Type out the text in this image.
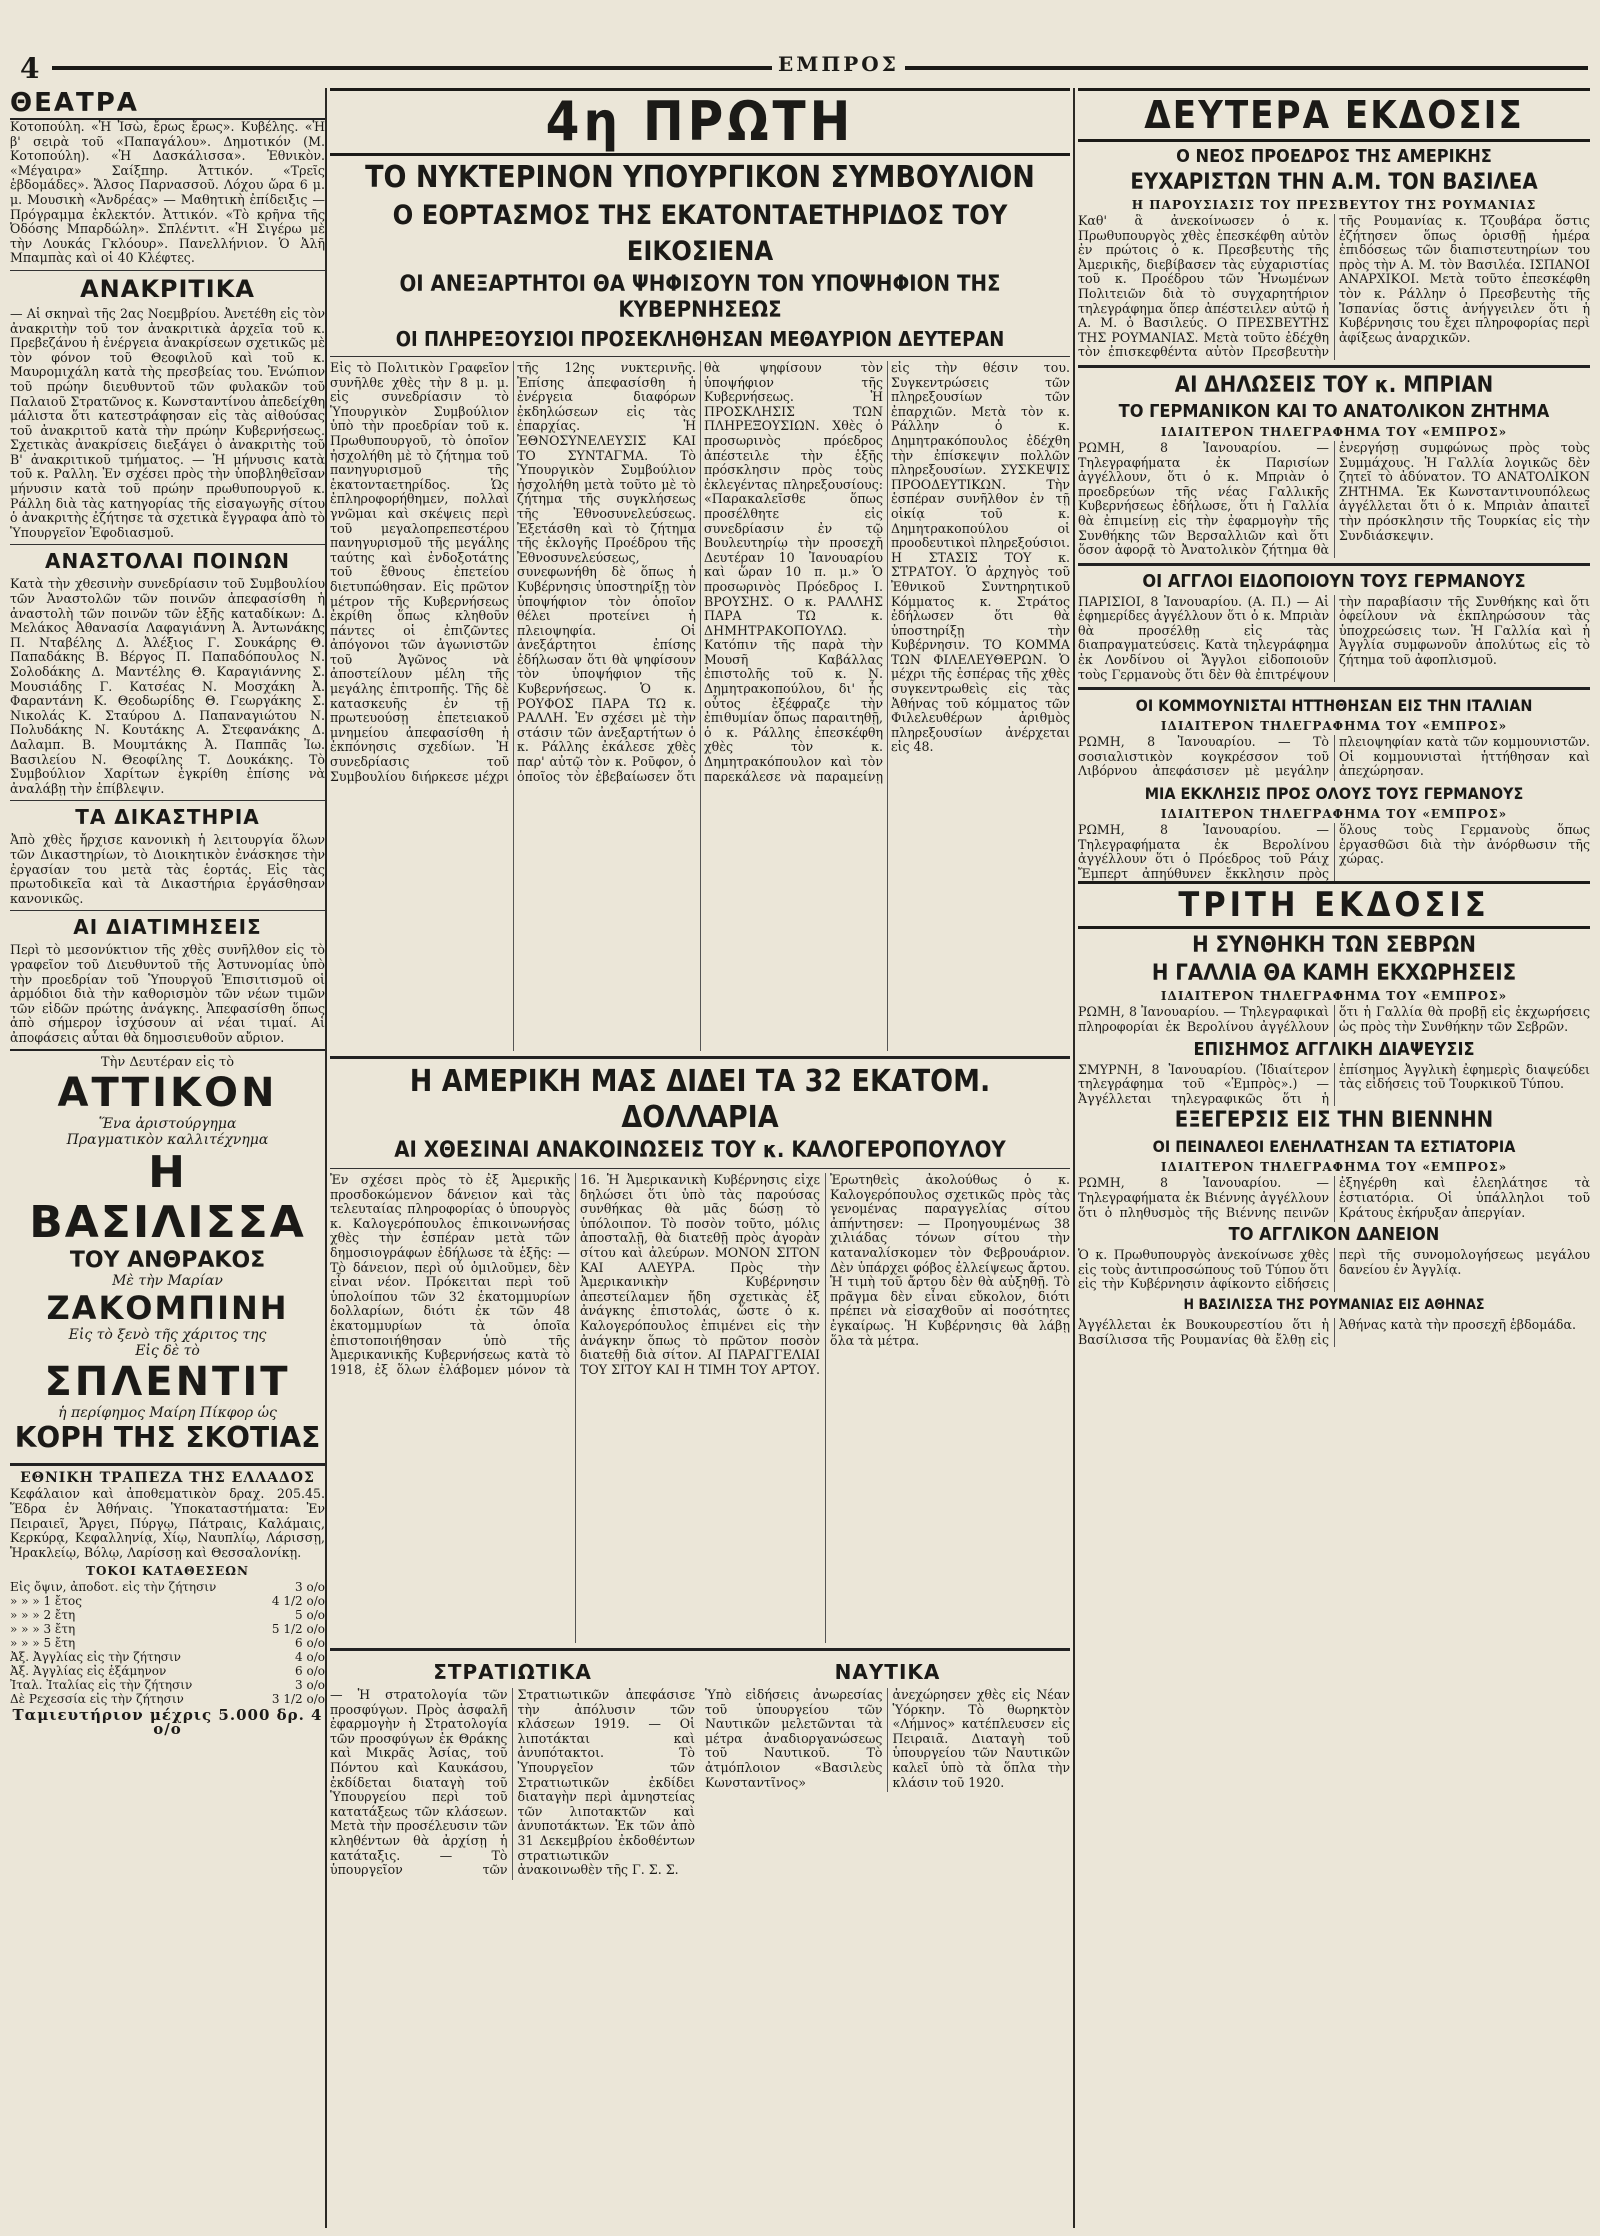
4	ΕΜΠΡΟΣ
ΘΕΑΤΡΑ

Κοτοπούλη. «Ἡ Ἰσὼ, ἔρως ἔρως». Κυβέλης. «Ἡ β' σειρὰ τοῦ «Παπαγάλου». Δημοτικόν (Μ. Κοτοπούλη). «Ἡ Δασκάλισσα». Ἐθνικὸν. «Μέγαιρα» Σαίξπηρ. Ἀττικόν. «Τρεῖς ἑβδομάδες». Ἄλσος Παρνασσοῦ. Λόχου ὥρα 6 μ. μ. Μουσικὴ «Ἀνδρέας» — Μαθητικὴ ἐπίδειξις — Πρόγραμμα ἐκλεκτόν. Ἀττικόν. «Τὸ κρῆνα τῆς Ὀδόσης Μπαρδώλη». Σπλέντιτ. «Ἡ Σιγέρω μὲ τὴν Λουκάς Γκλόουρ». Πανελλήνιον. Ὁ Ἀλῆ Μπαμπὰς καὶ οἱ 40 Κλέφτες.

ΑΝΑΚΡΙΤΙΚΑ

— Αἱ σκηναὶ τῆς 2ας Νοεμβρίου. Ἀνετέθη εἰς τὸν ἀνακριτὴν τοῦ τον ἀνακριτικὰ ἀρχεῖα τοῦ κ. Πρεβεζάνου ἡ ἐνέργεια ἀνακρίσεων σχετικῶς μὲ τὸν φόνον τοῦ Θεοφιλοῦ καὶ τοῦ κ. Μαυρομιχάλη κατὰ τὴς πρεσβείας του. Ἐνώπιον τοῦ πρώην διευθυντοῦ τῶν φυλακῶν τοῦ Παλαιοῦ Στρατῶνος κ. Κωνσταντίνου ἀπεδείχθη μάλιστα ὅτι κατεστράφησαν εἰς τὰς αἰθούσας τοῦ ἀνακριτοῦ κατὰ τὴν πρώην Κυβερνήσεως. Σχετικὰς ἀνακρίσεις διεξάγει ὁ ἀνακριτὴς τοῦ Β' ἀνακριτικοῦ τμήματος. — Ἡ μήνυσις κατὰ τοῦ κ. Ραλλη. Ἐν σχέσει πρὸς τὴν ὑποβληθεῖσαν μήνυσιν κατὰ τοῦ πρώην πρωθυπουργοῦ κ. Ράλλη διὰ τὰς κατηγορίας τῆς εἰσαγωγῆς σίτου ὁ ἀνακριτὴς ἐζήτησε τὰ σχετικὰ ἔγγραφα ἀπὸ τὸ Ὑπουργεῖον Ἐφοδιασμοῦ.

ΑΝΑΣΤΟΛΑΙ ΠΟΙΝΩΝ

Κατὰ τὴν χθεσινὴν συνεδρίασιν τοῦ Συμβουλίου τῶν Ἀναστολῶν τῶν ποινῶν ἀπεφασίσθη ἡ ἀναστολὴ τῶν ποινῶν τῶν ἑξῆς καταδίκων: Δ. Μελάκος Ἀθανασία Λαφαγιάννη Ἀ. Ἀντωνάκης Π. Νταβέλης Δ. Ἀλέξιος Γ. Σουκάρης Θ. Παπαδάκης Β. Βέργος Π. Παπαδόπουλος Ν. Σολοδάκης Δ. Μαντέλης Θ. Καραγιάννης Σ. Μουσιάδης Γ. Κατσέας Ν. Μοσχάκη Ἀ. Φαραντάνη Κ. Θεοδωρίδης Θ. Γεωργάκης Σ. Νικολάς Κ. Σταύρου Δ. Παπαναγιώτου Ν. Πολυδάκης Ν. Κουτάκης Α. Στεφανάκης Δ. Δαλαμπ. Β. Μουμτάκης Ἀ. Παππᾶς Ἰω. Βασιλείου Ν. Θεοφίλης Τ. Δουκάκης. Τὸ Συμβούλιον Χαρίτων ἐγκρίθη ἐπίσης νὰ ἀναλάβῃ τὴν ἐπίβλεψιν.

ΤΑ ΔΙΚΑΣΤΗΡΙΑ

Ἀπὸ χθὲς ἤρχισε κανονικὴ ἡ λειτουργία ὅλων τῶν Δικαστηρίων, τὸ Διοικητικὸν ἐνάσκησε τὴν ἐργασίαν του μετὰ τὰς ἑορτάς. Εἰς τὰς πρωτοδικεῖα καὶ τὰ Δικαστήρια ἐργάσθησαν κανονικῶς.

ΑΙ ΔΙΑΤΙΜΗΣΕΙΣ

Περὶ τὸ μεσονύκτιον τῆς χθὲς συνῆλθον εἰς τὸ γραφεῖον τοῦ Διευθυντοῦ τῆς Ἀστυνομίας ὑπὸ τὴν προεδρίαν τοῦ Ὑπουργοῦ Ἐπισιτισμοῦ οἱ ἀρμόδιοι διὰ τὴν καθορισμὸν τῶν νέων τιμῶν τῶν εἰδῶν πρώτης ἀνάγκης. Ἀπεφασίσθη ὅπως ἀπὸ σήμερον ἰσχύσουν αἱ νέαι τιμαί. Αἱ ἀποφάσεις αὗται θὰ δημοσιευθοῦν αὔριον.

Τὴν Δευτέραν εἰς τὸ
ΑΤΤΙΚΟΝ
Ἕνα ἀριστούργημα
Πραγματικὸν καλλιτέχνημα
Η ΒΑΣΙΛΙΣΣΑ
ΤΟΥ ΑΝΘΡΑΚΟΣ
Μὲ τὴν Μαρίαν
ΖΑΚΟΜΠΙΝΗ
Εἰς τὸ ξενὸ τῆς χάριτος της
Εἰς δὲ τὸ
ΣΠΛΕΝΤΙΤ
ἡ περίφημος Μαίρη Πίκφορ ὡς
ΚΟΡΗ ΤΗΣ ΣΚΟΤΙΑΣ
ΕΘΝΙΚΗ ΤΡΑΠΕΖΑ ΤΗΣ ΕΛΛΑΔΟΣ

Κεφάλαιον καὶ ἀποθεματικὸν δραχ. 205.45. Ἕδρα ἐν Ἀθήναις. Ὑποκαταστήματα: Ἐν Πειραιεῖ, Ἄργει, Πύργῳ, Πάτραις, Καλάμαις, Κερκύρᾳ, Κεφαλληνίᾳ, Χίῳ, Ναυπλίῳ, Λάρισσῃ, Ἡρακλείῳ, Βόλῳ, Λαρίσσῃ καὶ Θεσσαλονίκῃ.

ΤΟΚΟΙ ΚΑΤΑΘΕΣΕΩΝ
Εἰς ὄψιν, ἀποδοτ. εἰς τὴν ζήτησιν	3 ο/ο
» » » 1 ἔτος	4 1/2 ο/ο
» » » 2 ἔτη	5 ο/ο
» » » 3 ἔτη	5 1/2 ο/ο
» » » 5 ἔτη	6 ο/ο
Ἀξ. Ἀγγλίας εἰς τὴν ζήτησιν	4 ο/ο
Ἀξ. Ἀγγλίας εἰς ἑξάμηνον	6 ο/ο
Ἰταλ. Ἰταλίας εἰς τὴν ζήτησιν	3 ο/ο
Δὲ Ρεχεσσία εἰς τὴν ζήτησιν	3 1/2 ο/ο
Ταμιευτήριον μέχρις 5.000 δρ. 4 ο/ο
4η ΠΡΩΤΗ
ΤΟ ΝΥΚΤΕΡΙΝΟΝ ΥΠΟΥΡΓΙΚΟΝ ΣΥΜΒΟΥΛΙΟΝ
Ο ΕΟΡΤΑΣΜΟΣ ΤΗΣ ΕΚΑΤΟΝΤΑΕΤΗΡΙΔΟΣ ΤΟΥ ΕΙΚΟΣΙΕΝΑ
ΟΙ ΑΝΕΞΑΡΤΗΤΟΙ ΘΑ ΨΗΦΙΣΟΥΝ ΤΟΝ ΥΠΟΨΗΦΙΟΝ ΤΗΣ ΚΥΒΕΡΝΗΣΕΩΣ
ΟΙ ΠΛΗΡΕΞΟΥΣΙΟΙ ΠΡΟΣΕΚΛΗΘΗΣΑΝ ΜΕΘΑΥΡΙΟΝ ΔΕΥΤΕΡΑΝ

Εἰς τὸ Πολιτικὸν Γραφεῖον συνῆλθε χθὲς τὴν 8 μ. μ. εἰς συνεδρίασιν τὸ Ὑπουργικὸν Συμβούλιον ὑπὸ τὴν προεδρίαν τοῦ κ. Πρωθυπουργοῦ, τὸ ὁποῖον ἠσχολήθη μὲ τὸ ζήτημα τοῦ πανηγυρισμοῦ τῆς ἑκατονταετηρίδος. Ὡς ἐπληροφορήθημεν, πολλαὶ γνῶμαι καὶ σκέψεις περὶ τοῦ μεγαλοπρεπεστέρου πανηγυρισμοῦ τῆς μεγάλης ταύτης καὶ ἐνδοξοτάτης τοῦ ἔθνους ἐπετείου διετυπώθησαν. Εἰς πρῶτον μέτρον τῆς Κυβερνήσεως ἐκρίθη ὅπως κληθοῦν πάντες οἱ ἐπιζῶντες ἀπόγονοι τῶν ἀγωνιστῶν τοῦ Ἀγῶνος νὰ ἀποστείλουν μέλη τῆς μεγάλης ἐπιτροπῆς. Τῆς δὲ κατασκευῆς ἐν τῇ πρωτευούσῃ ἐπετειακοῦ μνημείου ἀπεφασίσθη ἡ ἐκπόνησις σχεδίων. Ἡ συνεδρίασις τοῦ Συμβουλίου διήρκεσε μέχρι τῆς 12ης νυκτερινῆς. Ἐπίσης ἀπεφασίσθη ἡ ἐνέργεια διαφόρων ἐκδηλώσεων εἰς τὰς ἐπαρχίας. Ἡ ἘΘΝΟΣΥΝΕΛΕΥΣΙΣ ΚΑΙ ΤΟ ΣΥΝΤΑΓΜΑ. Τὸ Ὑπουργικὸν Συμβούλιον ἠσχολήθη μετὰ τοῦτο μὲ τὸ ζήτημα τῆς συγκλήσεως τῆς Ἐθνοσυνελεύσεως. Ἐξετάσθη καὶ τὸ ζήτημα τῆς ἐκλογῆς Προέδρου τῆς Ἐθνοσυνελεύσεως, συνεφωνήθη δὲ ὅπως ἡ Κυβέρνησις ὑποστηρίξῃ τὸν ὑποψήφιον τὸν ὁποῖον θέλει προτείνει ἡ πλειοψηφία. Οἱ ἀνεξάρτητοι ἐπίσης ἐδήλωσαν ὅτι θὰ ψηφίσουν τὸν ὑποψήφιον τῆς Κυβερνήσεως. Ὁ κ. ΡΟΥΦΟΣ ΠΑΡΑ ΤΩ κ. ΡΑΛΛΗ. Ἐν σχέσει μὲ τὴν στάσιν τῶν ἀνεξαρτήτων ὁ κ. Ράλλης ἐκάλεσε χθὲς παρ' αὐτῷ τὸν κ. Ροῦφον, ὁ ὁποῖος τὸν ἐβεβαίωσεν ὅτι θὰ ψηφίσουν τὸν ὑποψήφιον τῆς Κυβερνήσεως. Ἡ ΠΡΟΣΚΛΗΣΙΣ ΤΩΝ ΠΛΗΡΕΞΟΥΣΙΩΝ. Χθὲς ὁ προσωρινὸς πρόεδρος ἀπέστειλε τὴν ἑξῆς πρόσκλησιν πρὸς τοὺς ἐκλεγέντας πληρεξουσίους: «Παρακαλεῖσθε ὅπως προσέλθητε εἰς συνεδρίασιν ἐν τῷ Βουλευτηρίῳ τὴν προσεχῆ Δευτέραν 10 Ἰανουαρίου καὶ ὥραν 10 π. μ.» Ὁ προσωρινὸς Πρόεδρος Ι. ΒΡΟΥΣΗΣ. Ο κ. ΡΑΛΛΗΣ ΠΑΡΑ ΤΩ κ. ΔΗΜΗΤΡΑΚΟΠΟΥΛΩ. Κατόπιν τῆς παρὰ τὴν Μουσῆ Καβάλλας ἐπιστολῆς τοῦ κ. Ν. Δημητρακοπούλου, δι' ἧς οὗτος ἐξέφραζε τὴν ἐπιθυμίαν ὅπως παραιτηθῇ, ὁ κ. Ράλλης ἐπεσκέφθη χθὲς τὸν κ. Δημητρακόπουλον καὶ τὸν παρεκάλεσε νὰ παραμείνῃ εἰς τὴν θέσιν του. Συγκεντρώσεις τῶν πληρεξουσίων τῶν ἐπαρχιῶν. Μετὰ τὸν κ. Ράλλην ὁ κ. Δημητρακόπουλος ἐδέχθη τὴν ἐπίσκεψιν πολλῶν πληρεξουσίων. ΣΥΣΚΕΨΙΣ ΠΡΟΟΔΕΥΤΙΚΩΝ. Τὴν ἑσπέραν συνῆλθον ἐν τῇ οἰκίᾳ τοῦ κ. Δημητρακοπούλου οἱ προοδευτικοὶ πληρεξούσιοι. Η ΣΤΑΣΙΣ ΤΟΥ κ. ΣΤΡΑΤΟΥ. Ὁ ἀρχηγὸς τοῦ Ἐθνικοῦ Συντηρητικοῦ Κόμματος κ. Στράτος ἐδήλωσεν ὅτι θὰ ὑποστηρίξῃ τὴν Κυβέρνησιν. ΤΟ ΚΟΜΜΑ ΤΩΝ ΦΙΛΕΛΕΥΘΕΡΩΝ. Ὁ μέχρι τῆς ἑσπέρας τῆς χθὲς συγκεντρωθεὶς εἰς τὰς Ἀθήνας τοῦ κόμματος τῶν Φιλελευθέρων ἀριθμὸς πληρεξουσίων ἀνέρχεται εἰς 48.

Η ΑΜΕΡΙΚΗ ΜΑΣ ΔΙΔΕΙ ΤΑ 32 ΕΚΑΤΟΜ. ΔΟΛΛΑΡΙΑ
ΑΙ ΧΘΕΣΙΝΑΙ ΑΝΑΚΟΙΝΩΣΕΙΣ ΤΟΥ κ. ΚΑΛΟΓΕΡΟΠΟΥΛΟΥ

Ἐν σχέσει πρὸς τὸ ἐξ Ἀμερικῆς προσδοκώμενον δάνειον καὶ τὰς τελευταίας πληροφορίας ὁ ὑπουργὸς κ. Καλογερόπουλος ἐπικοινωνήσας χθὲς τὴν ἑσπέραν μετὰ τῶν δημοσιογράφων ἐδήλωσε τὰ ἑξῆς: — Τὸ δάνειον, περὶ οὗ ὁμιλοῦμεν, δὲν εἶναι νέον. Πρόκειται περὶ τοῦ ὑπολοίπου τῶν 32 ἑκατομμυρίων δολλαρίων, διότι ἐκ τῶν 48 ἑκατομμυρίων τὰ ὁποῖα ἐπιστοποιήθησαν ὑπὸ τῆς Ἀμερικανικῆς Κυβερνήσεως κατὰ τὸ 1918, ἐξ ὅλων ἐλάβομεν μόνον τὰ 16. Ἡ Ἀμερικανικὴ Κυβέρνησις εἶχε δηλώσει ὅτι ὑπὸ τὰς παρούσας συνθήκας θὰ μᾶς δώσῃ τὸ ὑπόλοιπον. Τὸ ποσὸν τοῦτο, μόλις ἀποσταλῇ, θὰ διατεθῇ πρὸς ἀγορὰν σίτου καὶ ἀλεύρων. ΜΟΝΟΝ ΣΙΤΟΝ ΚΑΙ ΑΛΕΥΡΑ. Πρὸς τὴν Ἀμερικανικὴν Κυβέρνησιν ἀπεστείλαμεν ἤδη σχετικὰς ἐξ ἀνάγκης ἐπιστολάς, ὥστε ὁ κ. Καλογερόπουλος ἐπιμένει εἰς τὴν ἀνάγκην ὅπως τὸ πρῶτον ποσὸν διατεθῇ διὰ σίτον. ΑΙ ΠΑΡΑΓΓΕΛΙΑΙ ΤΟΥ ΣΙΤΟΥ ΚΑΙ Η ΤΙΜΗ ΤΟΥ ΑΡΤΟΥ. Ἐρωτηθεὶς ἀκολούθως ὁ κ. Καλογερόπουλος σχετικῶς πρὸς τὰς γενομένας παραγγελίας σίτου ἀπήντησεν: — Προηγουμένως 38 χιλιάδας τόνων σίτου τὴν καταναλίσκομεν τὸν Φεβρουάριον. Δὲν ὑπάρχει φόβος ἐλλείψεως ἄρτου. Ἡ τιμὴ τοῦ ἄρτου δὲν θὰ αὐξηθῇ. Τὸ πρᾶγμα δὲν εἶναι εὔκολον, διότι πρέπει νὰ εἰσαχθοῦν αἱ ποσότητες ἐγκαίρως. Ἡ Κυβέρνησις θὰ λάβῃ ὅλα τὰ μέτρα.

ΣΤΡΑΤΙΩΤΙΚΑ

— Ἡ στρατολογία τῶν προσφύγων. Πρὸς ἀσφαλῆ ἐφαρμογὴν ἡ Στρατολογία τῶν προσφύγων ἐκ Θράκης καὶ Μικρᾶς Ἀσίας, τοῦ Πόντου καὶ Καυκάσου, ἐκδίδεται διαταγὴ τοῦ Ὑπουργείου περὶ τοῦ κατατάξεως τῶν κλάσεων. Μετὰ τὴν προσέλευσιν τῶν κληθέντων θὰ ἀρχίσῃ ἡ κατάταξις. — Τὸ ὑπουργεῖον τῶν Στρατιωτικῶν ἀπεφάσισε τὴν ἀπόλυσιν τῶν κλάσεων 1919. — Οἱ λιποτάκται καὶ ἀνυπότακτοι. Τὸ Ὑπουργεῖον τῶν Στρατιωτικῶν ἐκδίδει διαταγὴν περὶ ἀμνηστείας τῶν λιποτακτῶν καὶ ἀνυποτάκτων. Ἐκ τῶν ἀπὸ 31 Δεκεμβρίου ἐκδοθέντων στρατιωτικῶν ἀνακοινωθὲν τῆς Γ. Σ. Σ.

ΝΑΥΤΙΚΑ

Ὑπὸ εἰδήσεις ἀνωρεσίας τοῦ ὑπουργείου τῶν Ναυτικῶν μελετῶνται τὰ μέτρα ἀναδιοργανώσεως τοῦ Ναυτικοῦ. Τὸ ἀτμόπλοιον «Βασιλεὺς Κωνσταντῖνος» ἀνεχώρησεν χθὲς εἰς Νέαν Ὑόρκην. Τὸ θωρηκτὸν «Λήμνος» κατέπλευσεν εἰς Πειραιᾶ. Διαταγὴ τοῦ ὑπουργείου τῶν Ναυτικῶν καλεῖ ὑπὸ τὰ ὅπλα τὴν κλάσιν τοῦ 1920.

ΔΕΥΤΕΡΑ ΕΚΔΟΣΙΣ
Ο ΝΕΟΣ ΠΡΟΕΔΡΟΣ ΤΗΣ ΑΜΕΡΙΚΗΣ
ΕΥΧΑΡΙΣΤΩΝ ΤΗΝ Α.Μ. ΤΟΝ ΒΑΣΙΛΕΑ
Η ΠΑΡΟΥΣΙΑΣΙΣ ΤΟΥ ΠΡΕΣΒΕΥΤΟΥ ΤΗΣ ΡΟΥΜΑΝΙΑΣ

Καθ' ἃ ἀνεκοίνωσεν ὁ κ. Πρωθυπουργὸς χθὲς ἐπεσκέφθη αὐτὸν ἐν πρώτοις ὁ κ. Πρεσβευτὴς τῆς Ἀμερικῆς, διεβίβασεν τὰς εὐχαριστίας τοῦ κ. Προέδρου τῶν Ἡνωμένων Πολιτειῶν διὰ τὸ συγχαρητήριον τηλεγράφημα ὅπερ ἀπέστειλεν αὐτῷ ἡ Α. Μ. ὁ Βασιλεύς. Ο ΠΡΕΣΒΕΥΤΗΣ ΤΗΣ ΡΟΥΜΑΝΙΑΣ. Μετὰ τοῦτο ἐδέχθη τὸν ἐπισκεφθέντα αὐτὸν Πρεσβευτὴν τῆς Ρουμανίας κ. Τζουβάρα ὅστις ἐζήτησεν ὅπως ὁρισθῇ ἡμέρα ἐπιδόσεως τῶν διαπιστευτηρίων του πρὸς τὴν Α. Μ. τὸν Βασιλέα. ΙΣΠΑΝΟΙ ΑΝΑΡΧΙΚΟΙ. Μετὰ τοῦτο ἐπεσκέφθη τὸν κ. Ράλλην ὁ Πρεσβευτὴς τῆς Ἰσπανίας ὅστις ἀνήγγειλεν ὅτι ἡ Κυβέρνησις του ἔχει πληροφορίας περὶ ἀφίξεως ἀναρχικῶν.

ΑΙ ΔΗΛΩΣΕΙΣ ΤΟΥ κ. ΜΠΡΙΑΝ
ΤΟ ΓΕΡΜΑΝΙΚΟΝ ΚΑΙ ΤΟ ΑΝΑΤΟΛΙΚΟΝ ΖΗΤΗΜΑ
ΙΔΙΑΙΤΕΡΟΝ ΤΗΛΕΓΡΑΦΗΜΑ ΤΟΥ «ΕΜΠΡΟΣ»

ΡΩΜΗ, 8 Ἰανουαρίου. — Τηλεγραφήματα ἐκ Παρισίων ἀγγέλλουν, ὅτι ὁ κ. Μπριὰν ὁ προεδρεύων τῆς νέας Γαλλικῆς Κυβερνήσεως ἐδήλωσε, ὅτι ἡ Γαλλία θὰ ἐπιμείνῃ εἰς τὴν ἐφαρμογὴν τῆς Συνθήκης τῶν Βερσαλλιῶν καὶ ὅτι ὅσον ἀφορᾷ τὸ Ἀνατολικὸν ζήτημα θὰ ἐνεργήσῃ συμφώνως πρὸς τοὺς Συμμάχους. Ἡ Γαλλία λογικῶς δὲν ζητεῖ τὸ ἀδύνατον. ΤΟ ΑΝΑΤΟΛΙΚΟΝ ΖΗΤΗΜΑ. Ἐκ Κωνσταντινουπόλεως ἀγγέλλεται ὅτι ὁ κ. Μπριὰν ἀπαιτεῖ τὴν πρόσκλησιν τῆς Τουρκίας εἰς τὴν Συνδιάσκεψιν.

ΟΙ ΑΓΓΛΟΙ ΕΙΔΟΠΟΙΟΥΝ ΤΟΥΣ ΓΕΡΜΑΝΟΥΣ

ΠΑΡΙΣΙΟΙ, 8 Ἰανουαρίου. (Α. Π.) — Αἱ ἐφημερίδες ἀγγέλλουν ὅτι ὁ κ. Μπριὰν θὰ προσέλθῃ εἰς τὰς διαπραγματεύσεις. Κατὰ τηλεγράφημα ἐκ Λονδίνου οἱ Ἄγγλοι εἰδοποιοῦν τοὺς Γερμανοὺς ὅτι δὲν θὰ ἐπιτρέψουν τὴν παραβίασιν τῆς Συνθήκης καὶ ὅτι ὀφείλουν νὰ ἐκπληρώσουν τὰς ὑποχρεώσεις των. Ἡ Γαλλία καὶ ἡ Ἀγγλία συμφωνοῦν ἀπολύτως εἰς τὸ ζήτημα τοῦ ἀφοπλισμοῦ.

ΟΙ ΚΟΜΜΟΥΝΙΣΤΑΙ ΗΤΤΗΘΗΣΑΝ ΕΙΣ ΤΗΝ ΙΤΑΛΙΑΝ
ΙΔΙΑΙΤΕΡΟΝ ΤΗΛΕΓΡΑΦΗΜΑ ΤΟΥ «ΕΜΠΡΟΣ»

ΡΩΜΗ, 8 Ἰανουαρίου. — Τὸ σοσιαλιστικὸν κογκρέσσον τοῦ Λιβόρνου ἀπεφάσισεν μὲ μεγάλην πλειοψηφίαν κατὰ τῶν κομμουνιστῶν. Οἱ κομμουνισταὶ ἡττήθησαν καὶ ἀπεχώρησαν.

ΜΙΑ ΕΚΚΛΗΣΙΣ ΠΡΟΣ ΟΛΟΥΣ ΤΟΥΣ ΓΕΡΜΑΝΟΥΣ
ΙΔΙΑΙΤΕΡΟΝ ΤΗΛΕΓΡΑΦΗΜΑ ΤΟΥ «ΕΜΠΡΟΣ»

ΡΩΜΗ, 8 Ἰανουαρίου. — Τηλεγραφήματα ἐκ Βερολίνου ἀγγέλλουν ὅτι ὁ Πρόεδρος τοῦ Ράιχ Ἔμπερτ ἀπηύθυνεν ἔκκλησιν πρὸς ὅλους τοὺς Γερμανοὺς ὅπως ἐργασθῶσι διὰ τὴν ἀνόρθωσιν τῆς χώρας.

ΤΡΙΤΗ ΕΚΔΟΣΙΣ
Η ΣΥΝΘΗΚΗ ΤΩΝ ΣΕΒΡΩΝ
Η ΓΑΛΛΙΑ ΘΑ ΚΑΜΗ ΕΚΧΩΡΗΣΕΙΣ
ΙΔΙΑΙΤΕΡΟΝ ΤΗΛΕΓΡΑΦΗΜΑ ΤΟΥ «ΕΜΠΡΟΣ»

ΡΩΜΗ, 8 Ἰανουαρίου. — Τηλεγραφικαὶ πληροφορίαι ἐκ Βερολίνου ἀγγέλλουν ὅτι ἡ Γαλλία θὰ προβῇ εἰς ἐκχωρήσεις ὡς πρὸς τὴν Συνθήκην τῶν Σεβρῶν.

ΕΠΙΣΗΜΟΣ ΑΓΓΛΙΚΗ ΔΙΑΨΕΥΣΙΣ

ΣΜΥΡΝΗ, 8 Ἰανουαρίου. (Ἰδιαίτερον τηλεγράφημα τοῦ «Ἐμπρὸς».) — Ἀγγέλλεται τηλεγραφικῶς ὅτι ἡ ἐπίσημος Ἀγγλικὴ ἐφημερὶς διαψεύδει τὰς εἰδήσεις τοῦ Τουρκικοῦ Τύπου.

ΕΞΕΓΕΡΣΙΣ ΕΙΣ ΤΗΝ ΒΙΕΝΝΗΝ
ΟΙ ΠΕΙΝΑΛΕΟΙ ΕΛΕΗΛΑΤΗΣΑΝ ΤΑ ΕΣΤΙΑΤΟΡΙΑ
ΙΔΙΑΙΤΕΡΟΝ ΤΗΛΕΓΡΑΦΗΜΑ ΤΟΥ «ΕΜΠΡΟΣ»

ΡΩΜΗ, 8 Ἰανουαρίου. — Τηλεγραφήματα ἐκ Βιέννης ἀγγέλλουν ὅτι ὁ πληθυσμὸς τῆς Βιέννης πεινῶν ἐξηγέρθη καὶ ἐλεηλάτησε τὰ ἑστιατόρια. Οἱ ὑπάλληλοι τοῦ Κράτους ἐκήρυξαν ἀπεργίαν.

ΤΟ ΑΓΓΛΙΚΟΝ ΔΑΝΕΙΟΝ

Ὁ κ. Πρωθυπουργὸς ἀνεκοίνωσε χθὲς εἰς τοὺς ἀντιπροσώπους τοῦ Τύπου ὅτι εἰς τὴν Κυβέρνησιν ἀφίκοντο εἰδήσεις περὶ τῆς συνομολογήσεως μεγάλου δανείου ἐν Ἀγγλίᾳ.

Η ΒΑΣΙΛΙΣΣΑ ΤΗΣ ΡΟΥΜΑΝΙΑΣ ΕΙΣ ΑΘΗΝΑΣ

Ἀγγέλλεται ἐκ Βουκουρεστίου ὅτι ἡ Βασίλισσα τῆς Ρουμανίας θὰ ἔλθῃ εἰς Ἀθήνας κατὰ τὴν προσεχῆ ἑβδομάδα.
